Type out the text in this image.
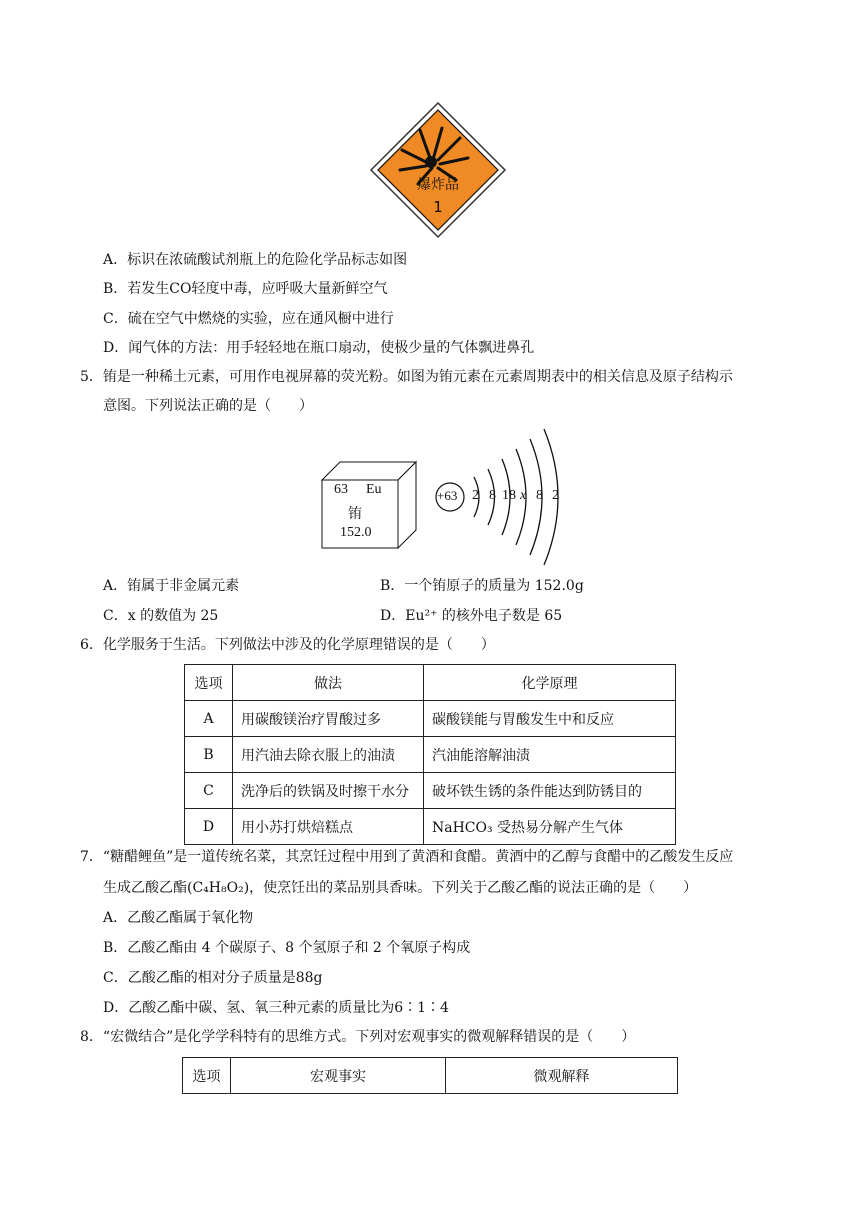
爆炸品
1
A．标识在浓硫酸试剂瓶上的危险化学品标志如图
B．若发生CO轻度中毒，应呼吸大量新鲜空气
C．硫在空气中燃烧的实验，应在通风橱中进行
D．闻气体的方法：用手轻轻地在瓶口扇动，使极少量的气体飘进鼻孔
5．铕是一种稀土元素，可用作电视屏幕的荧光粉。如图为铕元素在元素周期表中的相关信息及原子结构示
意图。下列说法正确的是（　　）
63 Eu
铕
152.0
+63 2 8 18 x 8 2
A．铕属于非金属元素	B．一个铕原子的质量为 152.0g
C．x 的数值为 25	D．Eu²⁺ 的核外电子数是 65
6．化学服务于生活。下列做法中涉及的化学原理错误的是（　　）
选项	做法	化学原理
A	用碳酸镁治疗胃酸过多	碳酸镁能与胃酸发生中和反应
B	用汽油去除衣服上的油渍	汽油能溶解油渍
C	洗净后的铁锅及时擦干水分	破坏铁生锈的条件能达到防锈目的
D	用小苏打烘焙糕点	NaHCO₃ 受热易分解产生气体
7．“糖醋鲤鱼”是一道传统名菜，其烹饪过程中用到了黄酒和食醋。黄酒中的乙醇与食醋中的乙酸发生反应
生成乙酸乙酯(C₄H₈O₂)，使烹饪出的菜品别具香味。下列关于乙酸乙酯的说法正确的是（　　）
A．乙酸乙酯属于氧化物
B．乙酸乙酯由 4 个碳原子、8 个氢原子和 2 个氧原子构成
C．乙酸乙酯的相对分子质量是88g
D．乙酸乙酯中碳、氢、氧三种元素的质量比为6∶1∶4
8．“宏微结合”是化学学科特有的思维方式。下列对宏观事实的微观解释错误的是（　　）
选项	宏观事实	微观解释
